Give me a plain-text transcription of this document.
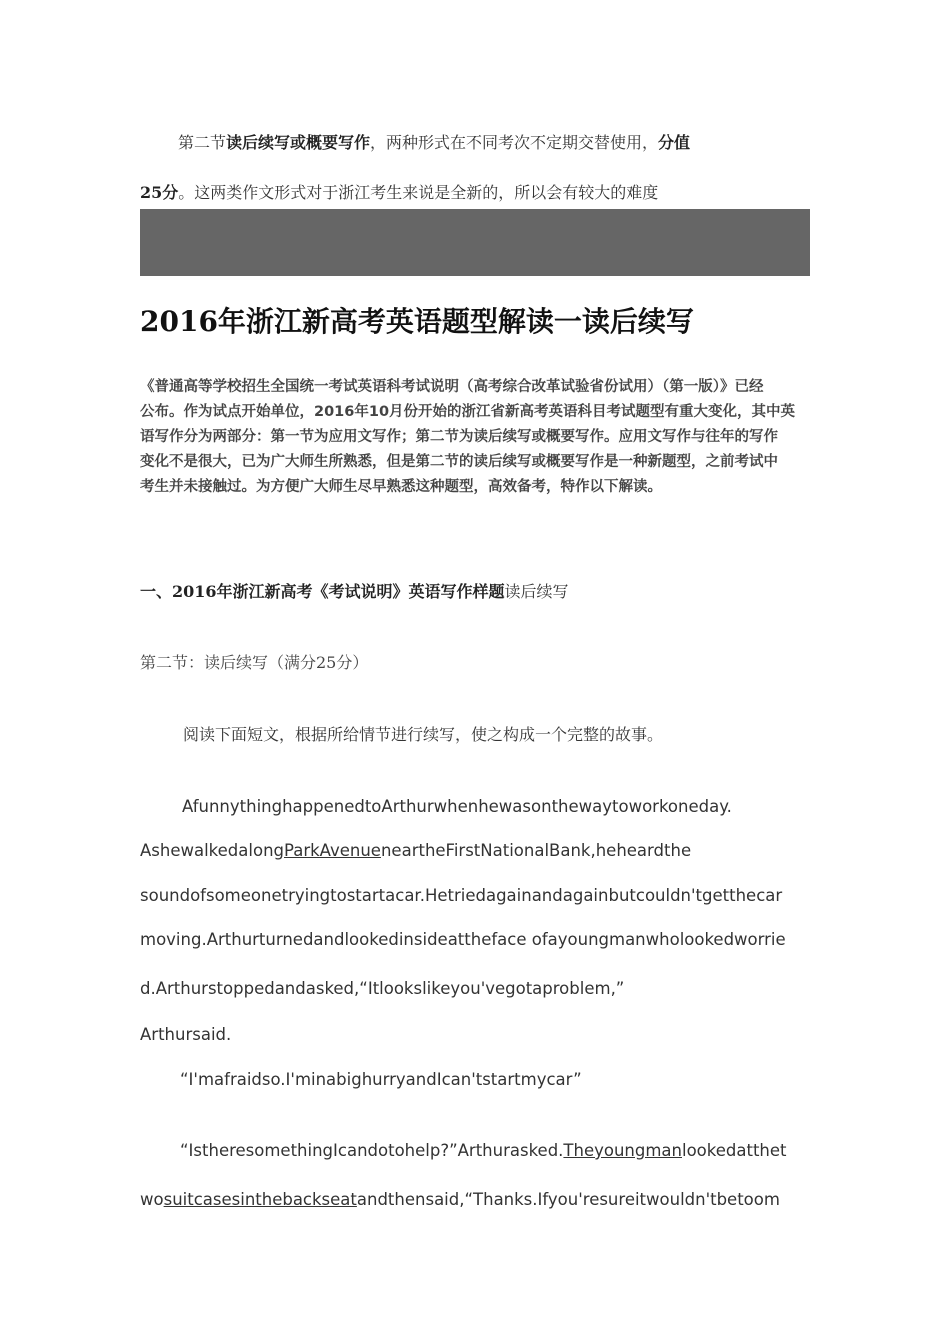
第二节读后续写或概要写作，两种形式在不同考次不定期交替使用，分值
25分。这两类作文形式对于浙江考生来说是全新的，所以会有较大的难度
2016年浙江新高考英语题型解读一读后续写

《普通高等学校招生全国统一考试英语科考试说明（高考综合改革试验省份试用）（第一版）》已经

公布。作为试点开始单位，2016年10月份开始的浙江省新高考英语科目考试题型有重大变化，其中英

语写作分为两部分：第一节为应用文写作；第二节为读后续写或概要写作。应用文写作与往年的写作

变化不是很大，已为广大师生所熟悉，但是第二节的读后续写或概要写作是一种新题型，之前考试中

考生并未接触过。为方便广大师生尽早熟悉这种题型，高效备考，特作以下解读。

一、2016年浙江新高考《考试说明》英语写作样题读后续写
第二节：读后续写（满分25分）
阅读下面短文，根据所给情节进行续写，使之构成一个完整的故事。
AfunnythinghappenedtoArthurwhenhewasonthewaytoworkoneday.
AshewalkedalongParkAvenueneartheFirstNationalBank,heheardthe
soundofsomeonetryingtostartacar.Hetriedagainandagainbutcouldn'tgetthecar
moving.Arthurturnedandlookedinsideattheface ofayoungmanwholookedworrie
d.Arthurstoppedandasked,“Itlookslikeyou'vegotaproblem,”
Arthursaid.
“I'mafraidso.I'minabighurryandIcan'tstartmycar”
“IstheresomethingIcandotohelp?”Arthurasked.Theyoungmanlookedatthet
wosuitcasesinthebackseatandthensaid,“Thanks.Ifyou'resureitwouldn'tbetoom
